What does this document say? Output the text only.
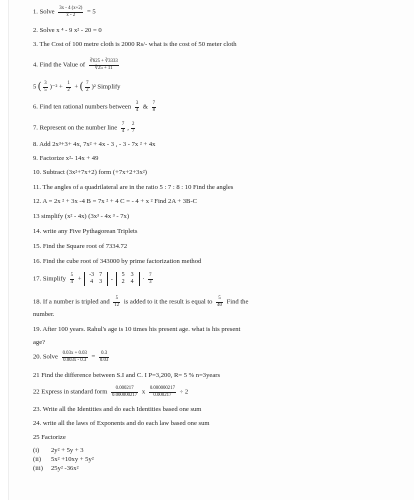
1. Solve $\frac{3x - 4 (x+2)}{x - 2} = 5$
2. Solve x ⁴ - 9 x² - 20 = 0
3. The Cost of 100 metre cloth is 2000 Rs/- what is the cost of 50 meter cloth
4. Find the Value of $\frac{∛625 + ∛3333}{∛25 + 11}$
5 ( $\frac{3}{5} )^{-2} + \frac{1}{2}$ + ( $\frac{7}{2} )^2$ Simplify
6. Find ten rational numbers between $\frac{3}{4}$ & $\frac{7}{8}$
7. Represent on the number line $\frac{7}{4}$ , $\frac{2}{7}$
8. Add 2x³+3+ 4x, 7x² + 4x - 3 , - 3 - 7x ² + 4x
9. Factorize x²- 14x + 49
10. Subtract (3x²+7x+2) form (+7x+2+3x²)
11. The angles of a quadrilateral are in the ratio 5 : 7 : 8 : 10 Find the angles
12. A = 2x ² + 3x -4 B = 7x ² + 4 C = - 4 + x ² Find 2A + 3B-C
13 simplify (x² - 4x) (3x³ - 4x ³ - 7x)
14. write any Five Pythagorean Triplets
15. Find the Square root of 7334.72
16. Find the cube root of 343000 by prime factorization method
17. Simplify $\frac{5}{4}$ +
-3 7
4 3	-
5 3
2 4	· $\frac{7}{3}$
18. If a number is tripled and $\frac{5}{12}$ is added to it the result is equal to $\frac{5}{40}$ Find the
number.
19. After 100 years. Rahul's age is 10 times his present age. what is his present
age?
20. Solve $\frac{0.03x + 0.03}{0.003x - 0.3} = \frac{0.3}{0.03}$
21 Find the difference between S.I and C. I P=3,200, R= 5 % n=3years
22 Express in standard form $\frac{0.000217}{0.000000217}$ x $\frac{0.000000217}{0.000217} \div 2$
23. Write all the Identities and do each Identities based one sum
24. write all the laws of Exponents and do each law based one sum
25 Factorize
(i) 2y² + 5y + 3
(ii) 5x² +10xy + 5y²
(iii) 25y² -36x²
